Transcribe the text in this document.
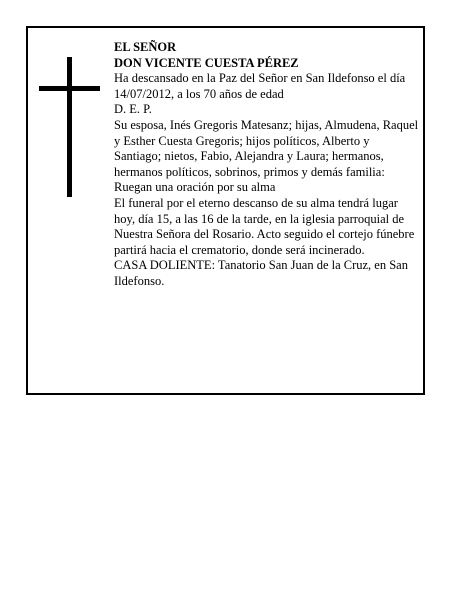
EL SEÑOR

DON VICENTE CUESTA PÉREZ

Ha descansado en la Paz del Señor en San Ildefonso el día 14/07/2012, a los 70 años de edad

D. E. P.

Su esposa, Inés Gregoris Matesanz; hijas, Almudena, Raquel y Esther Cuesta Gregoris; hijos políticos, Alberto y Santiago; nietos, Fabio, Alejandra y Laura; hermanos, hermanos políticos, sobrinos, primos y demás familia:

Ruegan una oración por su alma

El funeral por el eterno descanso de su alma tendrá lugar hoy, día 15, a las 16 de la tarde, en la iglesia parroquial de Nuestra Señora del Rosario. Acto seguido el cortejo fúnebre partirá hacia el crematorio, donde será incinerado.

CASA DOLIENTE: Tanatorio San Juan de la Cruz, en San Ildefonso.
